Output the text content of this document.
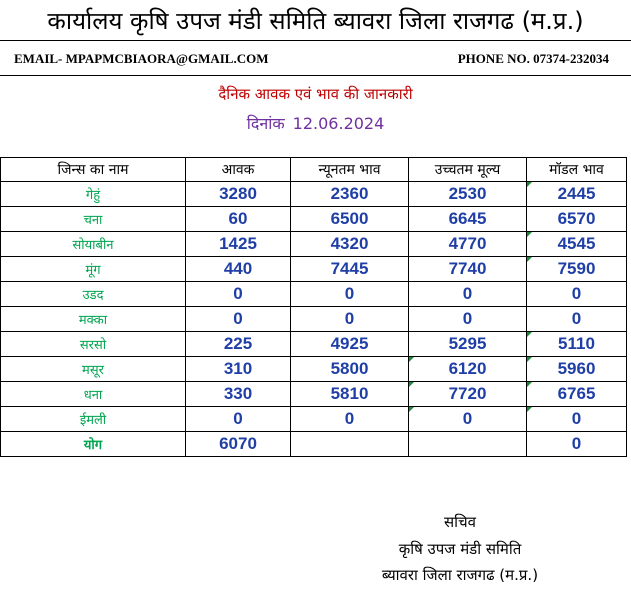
कार्यालय कृषि उपज मंडी समिति ब्यावरा जिला राजगढ (म.प्र.)
EMAIL- MPAPMCBIAORA@GMAIL.COM	PHONE NO. 07374-232034
दैनिक आवक एवं भाव की जानकारी
दिनांक 12.06.2024
जिन्स का नाम	आवक	न्यूनतम भाव	उच्चतम मूल्य	मॉडल भाव
गेहुं	3280	2360	2530	2445
चना	60	6500	6645	6570
सोयाबीन	1425	4320	4770	4545
मूंग	440	7445	7740	7590
उडद	0	0	0	0
मक्का	0	0	0	0
सरसो	225	4925	5295	5110
मसूर	310	5800	6120	5960
धना	330	5810	7720	6765
ईमली	0	0	0	0
योग	6070			0
सचिव
कृषि उपज मंडी समिति
ब्यावरा जिला राजगढ (म.प्र.)
